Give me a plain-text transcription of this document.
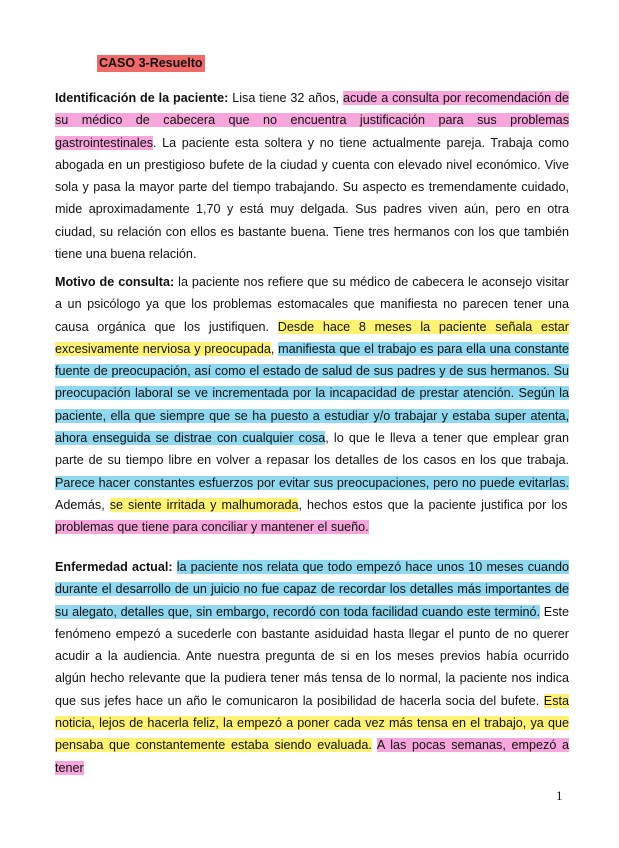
CASO 3-Resuelto

Identificación de la paciente: Lisa tiene 32 años, acude a consulta por recomendación de su médico de cabecera que no encuentra justificación para sus problemas gastrointestinales. La paciente esta soltera y no tiene actualmente pareja. Trabaja como abogada en un prestigioso bufete de la ciudad y cuenta con elevado nivel económico. Vive sola y pasa la mayor parte del tiempo trabajando. Su aspecto es tremendamente cuidado, mide aproximadamente 1,70 y está muy delgada. Sus padres viven aún, pero en otra ciudad, su relación con ellos es bastante buena. Tiene tres hermanos con los que también tiene una buena relación.

Motivo de consulta: la paciente nos refiere que su médico de cabecera le aconsejo visitar a un psicólogo ya que los problemas estomacales que manifiesta no parecen tener una causa orgánica que los justifiquen. Desde hace 8 meses la paciente señala estar excesivamente nerviosa y preocupada, manifiesta que el trabajo es para ella una constante fuente de preocupación, así como el estado de salud de sus padres y de sus hermanos. Su preocupación laboral se ve incrementada por la incapacidad de prestar atención. Según la paciente, ella que siempre que se ha puesto a estudiar y/o trabajar y estaba super atenta, ahora enseguida se distrae con cualquier cosa, lo que le lleva a tener que emplear gran parte de su tiempo libre en volver a repasar los detalles de los casos en los que trabaja. Parece hacer constantes esfuerzos por evitar sus preocupaciones, pero no puede evitarlas. Además, se siente irritada y malhumorada, hechos estos que la paciente justifica por los problemas que tiene para conciliar y mantener el sueño.

Enfermedad actual: la paciente nos relata que todo empezó hace unos 10 meses cuando durante el desarrollo de un juicio no fue capaz de recordar los detalles más importantes de su alegato, detalles que, sin embargo, recordó con toda facilidad cuando este terminó. Este fenómeno empezó a sucederle con bastante asiduidad hasta llegar el punto de no querer acudir a la audiencia. Ante nuestra pregunta de si en los meses previos había ocurrido algún hecho relevante que la pudiera tener más tensa de lo normal, la paciente nos indica que sus jefes hace un año le comunicaron la posibilidad de hacerla socia del bufete. Esta noticia, lejos de hacerla feliz, la empezó a poner cada vez más tensa en el trabajo, ya que pensaba que constantemente estaba siendo evaluada. A las pocas semanas, empezó a tener

1
